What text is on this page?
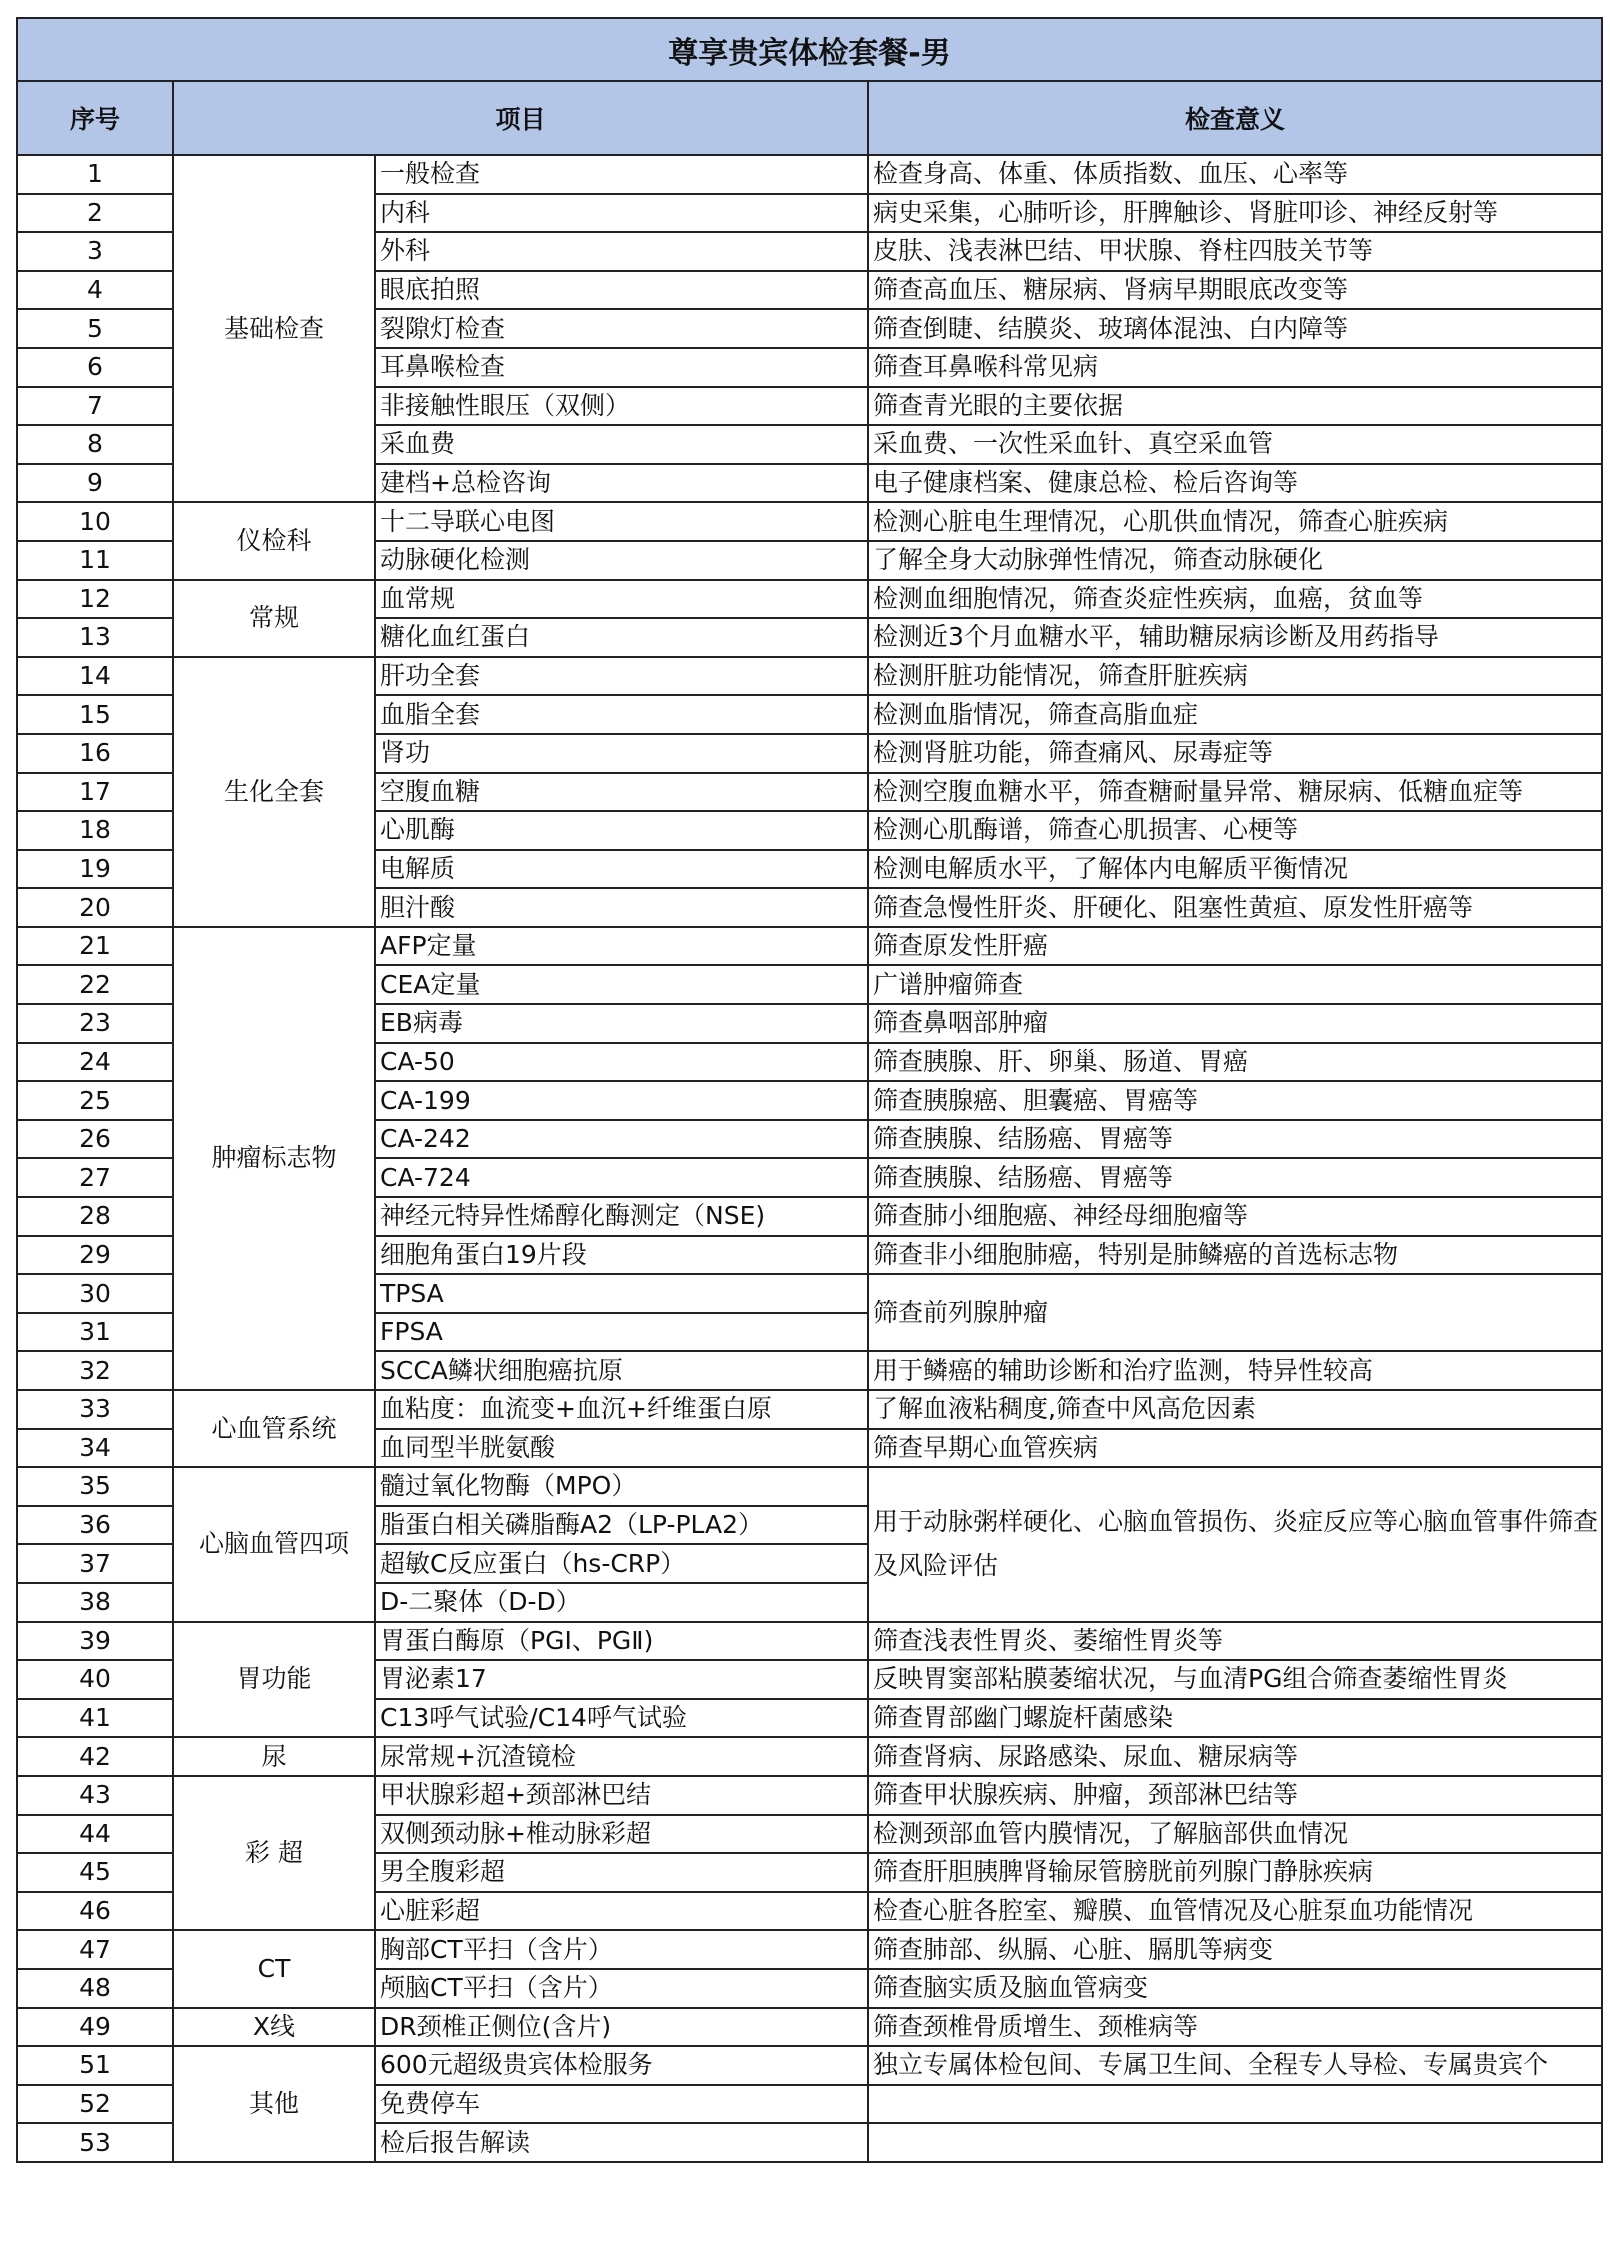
尊享贵宾体检套餐-男			
序号	项目		检查意义
1	基础检查	一般检查	检查身高、体重、体质指数、血压、心率等
2		内科	病史采集，心肺听诊，肝脾触诊、肾脏叩诊、神经反射等
3		外科	皮肤、浅表淋巴结、甲状腺、脊柱四肢关节等
4		眼底拍照	筛查高血压、糖尿病、肾病早期眼底改变等
5		裂隙灯检查	筛查倒睫、结膜炎、玻璃体混浊、白内障等
6		耳鼻喉检查	筛查耳鼻喉科常见病
7		非接触性眼压（双侧）	筛查青光眼的主要依据
8		采血费	采血费、一次性采血针、真空采血管
9		建档+总检咨询	电子健康档案、健康总检、检后咨询等
10	仪检科	十二导联心电图	检测心脏电生理情况，心肌供血情况，筛查心脏疾病
11		动脉硬化检测	了解全身大动脉弹性情况，筛查动脉硬化
12	常规	血常规	检测血细胞情况，筛查炎症性疾病，血癌，贫血等
13		糖化血红蛋白	检测近3个月血糖水平，辅助糖尿病诊断及用药指导
14	生化全套	肝功全套	检测肝脏功能情况，筛查肝脏疾病
15		血脂全套	检测血脂情况，筛查高脂血症
16		肾功	检测肾脏功能，筛查痛风、尿毒症等
17		空腹血糖	检测空腹血糖水平，筛查糖耐量异常、糖尿病、低糖血症等
18		心肌酶	检测心肌酶谱，筛查心肌损害、心梗等
19		电解质	检测电解质水平，了解体内电解质平衡情况
20		胆汁酸	筛查急慢性肝炎、肝硬化、阻塞性黄疸、原发性肝癌等
21	肿瘤标志物	AFP定量	筛查原发性肝癌
22		CEA定量	广谱肿瘤筛查
23		EB病毒	筛查鼻咽部肿瘤
24		CA-50	筛查胰腺、肝、卵巢、肠道、胃癌
25		CA-199	筛查胰腺癌、胆囊癌、胃癌等
26		CA-242	筛查胰腺、结肠癌、胃癌等
27		CA-724	筛查胰腺、结肠癌、胃癌等
28		神经元特异性烯醇化酶测定（NSE)	筛查肺小细胞癌、神经母细胞瘤等
29		细胞角蛋白19片段	筛查非小细胞肺癌，特别是肺鳞癌的首选标志物
30		TPSA	筛查前列腺肿瘤
31		FPSA	
32		SCCA鳞状细胞癌抗原	用于鳞癌的辅助诊断和治疗监测，特异性较高
33	心血管系统	血粘度：血流变+血沉+纤维蛋白原	了解血液粘稠度,筛查中风高危因素
34		血同型半胱氨酸	筛查早期心血管疾病
35	心脑血管四项	髓过氧化物酶（MPO）	用于动脉粥样硬化、心脑血管损伤、炎症反应等心脑血管事件筛查及风险评估
36		脂蛋白相关磷脂酶A2（LP-PLA2）	
37		超敏C反应蛋白（hs-CRP）	
38		D-二聚体（D-D）	
39	胃功能	胃蛋白酶原（PGⅠ、PGⅡ)	筛查浅表性胃炎、萎缩性胃炎等
40		胃泌素17	反映胃窦部粘膜萎缩状况，与血清PG组合筛查萎缩性胃炎
41		C13呼气试验/C14呼气试验	筛查胃部幽门螺旋杆菌感染
42	尿	尿常规+沉渣镜检	筛查肾病、尿路感染、尿血、糖尿病等
43	彩 超	甲状腺彩超+颈部淋巴结	筛查甲状腺疾病、肿瘤，颈部淋巴结等
44		双侧颈动脉+椎动脉彩超	检测颈部血管内膜情况，了解脑部供血情况
45		男全腹彩超	筛查肝胆胰脾肾输尿管膀胱前列腺门静脉疾病
46		心脏彩超	检查心脏各腔室、瓣膜、血管情况及心脏泵血功能情况
47	CT	胸部CT平扫（含片）	筛查肺部、纵膈、心脏、膈肌等病变
48		颅脑CT平扫（含片）	筛查脑实质及脑血管病变
49	X线	DR颈椎正侧位(含片)	筛查颈椎骨质增生、颈椎病等
51	其他	600元超级贵宾体检服务	独立专属体检包间、专属卫生间、全程专人导检、专属贵宾个
52		免费停车	
53		检后报告解读	
